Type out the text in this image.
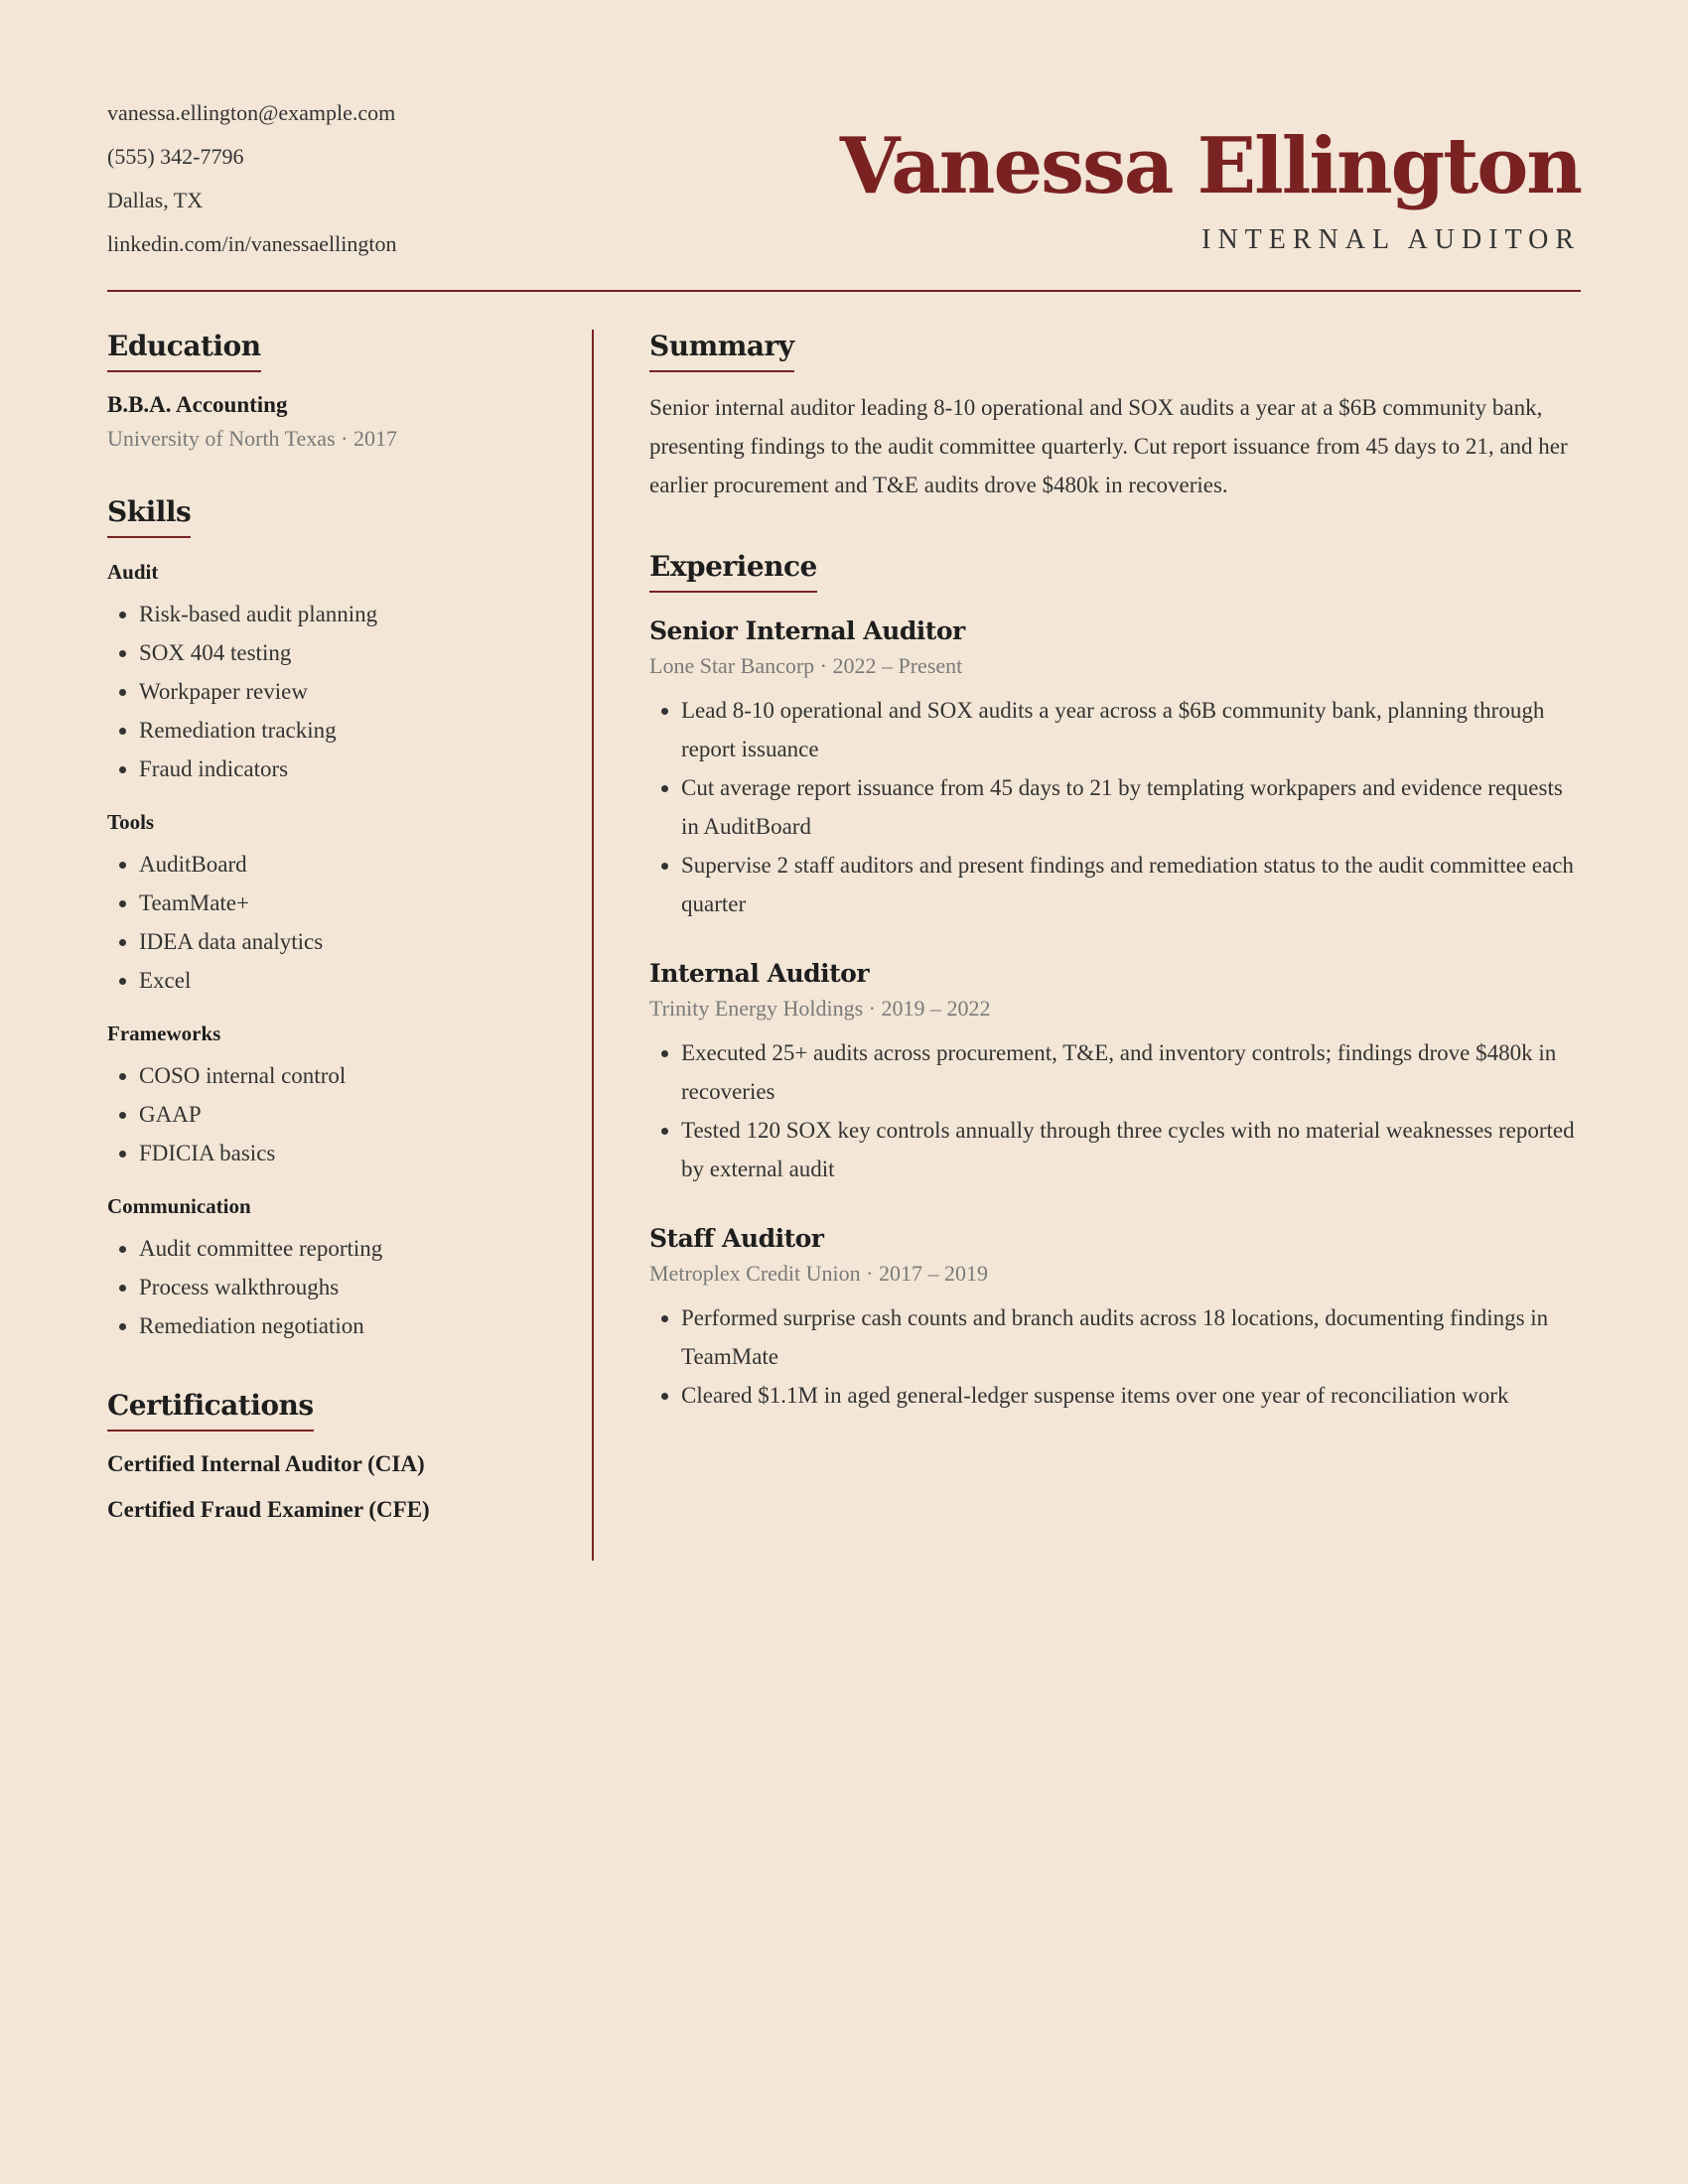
vanessa.ellington@example.com
(555) 342-7796
Dallas, TX
linkedin.com/in/vanessaellington
Vanessa Ellington
INTERNAL AUDITOR
Education
B.B.A. Accounting
University of North Texas · 2017
Skills
Audit
• Risk-based audit planning
• SOX 404 testing
• Workpaper review
• Remediation tracking
• Fraud indicators
Tools
• AuditBoard
• TeamMate+
• IDEA data analytics
• Excel
Frameworks
• COSO internal control
• GAAP
• FDICIA basics
Communication
• Audit committee reporting
• Process walkthroughs
• Remediation negotiation
Certifications
Certified Internal Auditor (CIA)
Certified Fraud Examiner (CFE)
Summary
Senior internal auditor leading 8-10 operational and SOX audits a year at a $6B community bank, presenting findings to the audit committee quarterly. Cut report issuance from 45 days to 21, and her earlier procurement and T&E audits drove $480k in recoveries.
Experience
Senior Internal Auditor
Lone Star Bancorp · 2022 – Present
• Lead 8-10 operational and SOX audits a year across a $6B community bank, planning through report issuance
• Cut average report issuance from 45 days to 21 by templating workpapers and evidence requests in AuditBoard
• Supervise 2 staff auditors and present findings and remediation status to the audit committee each quarter
Internal Auditor
Trinity Energy Holdings · 2019 – 2022
• Executed 25+ audits across procurement, T&E, and inventory controls; findings drove $480k in recoveries
• Tested 120 SOX key controls annually through three cycles with no material weaknesses reported by external audit
Staff Auditor
Metroplex Credit Union · 2017 – 2019
• Performed surprise cash counts and branch audits across 18 locations, documenting findings in TeamMate
• Cleared $1.1M in aged general-ledger suspense items over one year of reconciliation work
